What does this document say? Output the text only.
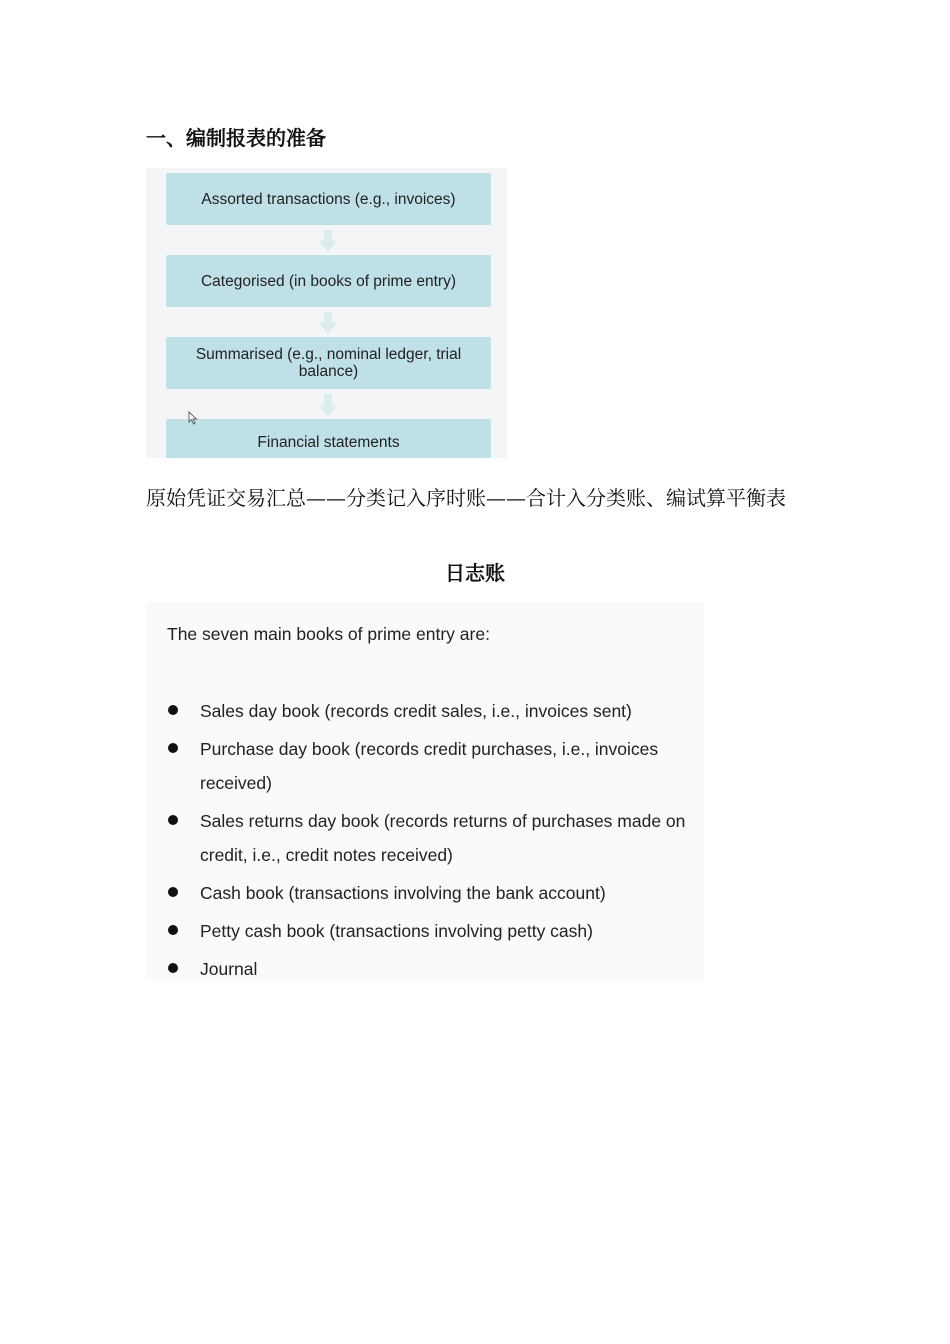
一、编制报表的准备
Assorted transactions (e.g., invoices)
Categorised (in books of prime entry)
Summarised (e.g., nominal ledger, trial balance)
Financial statements
原始凭证交易汇总——分类记入序时账——合计入分类账、编试算平衡表
日志账
The seven main books of prime entry are:
Sales day book (records credit sales, i.e., invoices sent)
Purchase day book (records credit purchases, i.e., invoices received)
Sales returns day book (records returns of purchases made on credit, i.e., credit notes received)
Cash book (transactions involving the bank account)
Petty cash book (transactions involving petty cash)
Journal
